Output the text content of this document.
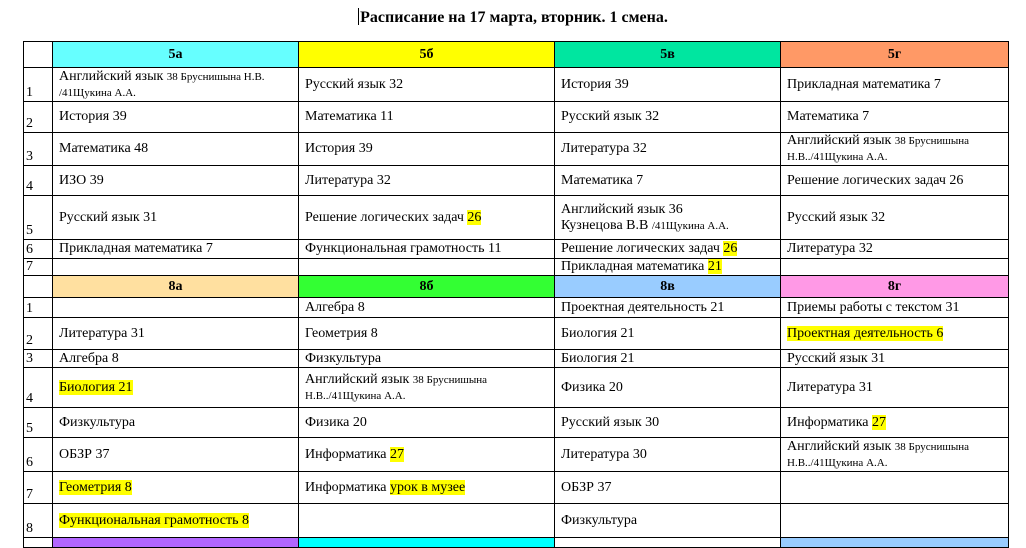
Расписание на 17 марта, вторник. 1 смена.
	5а	5б	5в	5г
1	Английский язык 38 Бруснишына Н.В. /41Щукина А.А.	Русский язык 32	История 39	Прикладная математика 7
2	История 39	Математика 11	Русский язык 32	Математика 7
3	Математика 48	История 39	Литература 32	Английский язык 38 Бруснишына Н.В../41Щукина А.А.
4	ИЗО 39	Литература 32	Математика 7	Решение логических задач 26
5	Русский язык 31	Решение логических задач 26	Английский язык 36
Кузнецова В.В /41Щукина А.А.	Русский язык 32
6	Прикладная математика 7	Функциональная грамотность 11	Решение логических задач 26	Литература 32
7			Прикладная математика 21	
	8а	8б	8в	8г
1		Алгебра 8	Проектная деятельность 21	Приемы работы с текстом 31
2	Литература 31	Геометрия 8	Биология 21	Проектная деятельность 6
3	Алгебра 8	Физкультура	Биология 21	Русский язык 31
4	Биология 21	Английский язык 38 Бруснишына Н.В../41Щукина А.А.	Физика 20	Литература 31
5	Физкультура	Физика 20	Русский язык 30	Информатика 27
6	ОБЗР 37	Информатика 27	Литература 30	Английский язык 38 Бруснишына Н.В../41Щукина А.А.
7	Геометрия 8	Информатика урок в музее	ОБЗР 37	
8	Функциональная грамотность 8		Физкультура	
